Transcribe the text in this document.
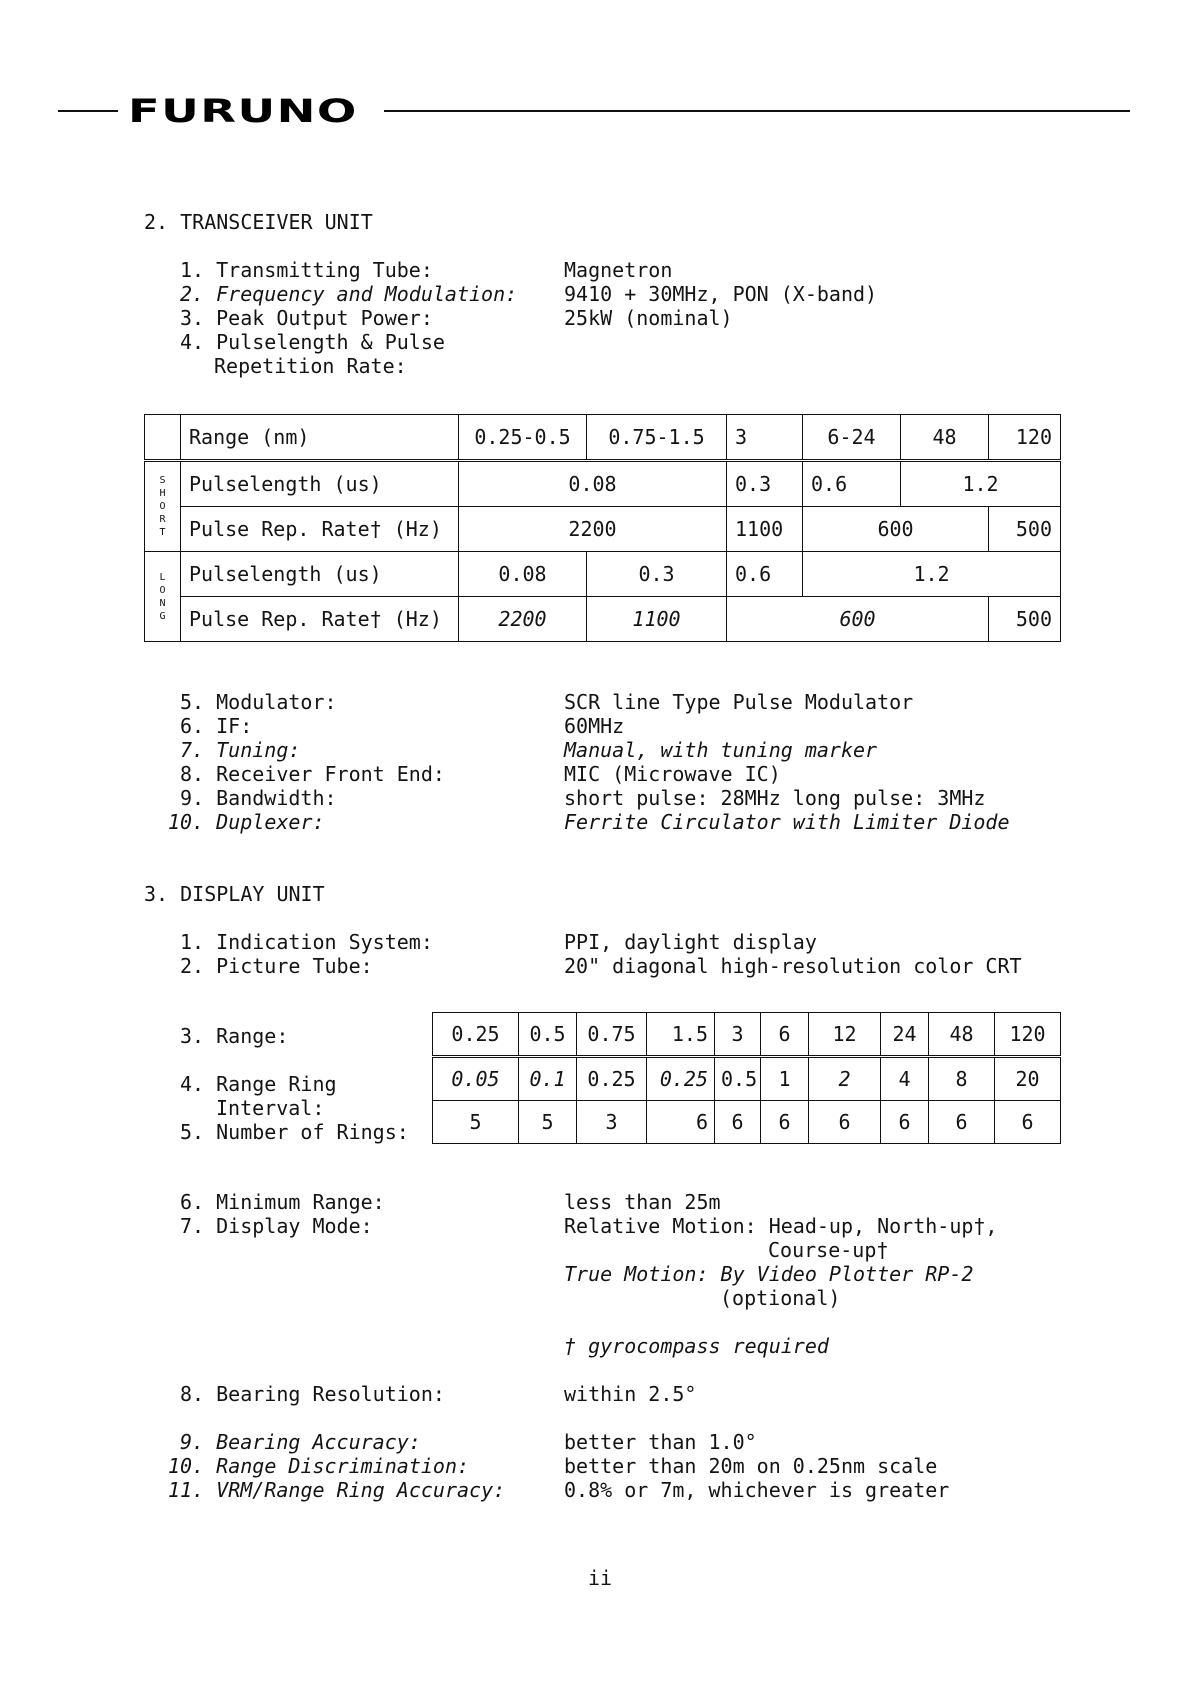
FURUNO
2. TRANSCEIVER UNIT
1. Transmitting Tube:	Magnetron
2. Frequency and Modulation: 9410 + 30MHz, PON (X-band)
3. Peak Output Power:	25kW (nominal)
4. Pulselength & Pulse
Repetition Rate:
	Range (nm)	0.25-0.5	0.75-1.5	3	6-24	48	120
S
H
O
R
T	Pulselength (us)	0.08		0.3	0.6	1.2	
	Pulse Rep. Rate† (Hz)	2200		1100	600		500
L
O
N
G	Pulselength (us)	0.08	0.3	0.6	1.2		
	Pulse Rep. Rate† (Hz)	2200	1100	600			500
5. Modulator:	SCR line Type Pulse Modulator
6. IF:	60MHz
7. Tuning:	Manual, with tuning marker
8. Receiver Front End:	MIC (Microwave IC)
9. Bandwidth:	short pulse: 28MHz long pulse: 3MHz
10. Duplexer:	Ferrite Circulator with Limiter Diode
3. DISPLAY UNIT
1. Indication System:	PPI, daylight display
2. Picture Tube:	20" diagonal high-resolution color CRT
3. Range:
4. Range Ring
Interval:
5. Number of Rings:
0.25	0.5	0.75	1.5	3	6	12	24	48	120
0.05	0.1	0.25	0.25	0.5	1	2	4	8	20
5	5	3	6	6	6	6	6	6	6
6. Minimum Range:	less than 25m
7. Display Mode:	Relative Motion: Head-up, North-up†,
Course-up†
True Motion: By Video Plotter RP-2
(optional)
† gyrocompass required
8. Bearing Resolution:	within 2.5°
9. Bearing Accuracy:	better than 1.0°
10. Range Discrimination:	better than 20m on 0.25nm scale
11. VRM/Range Ring Accuracy:	0.8% or 7m, whichever is greater
ii
